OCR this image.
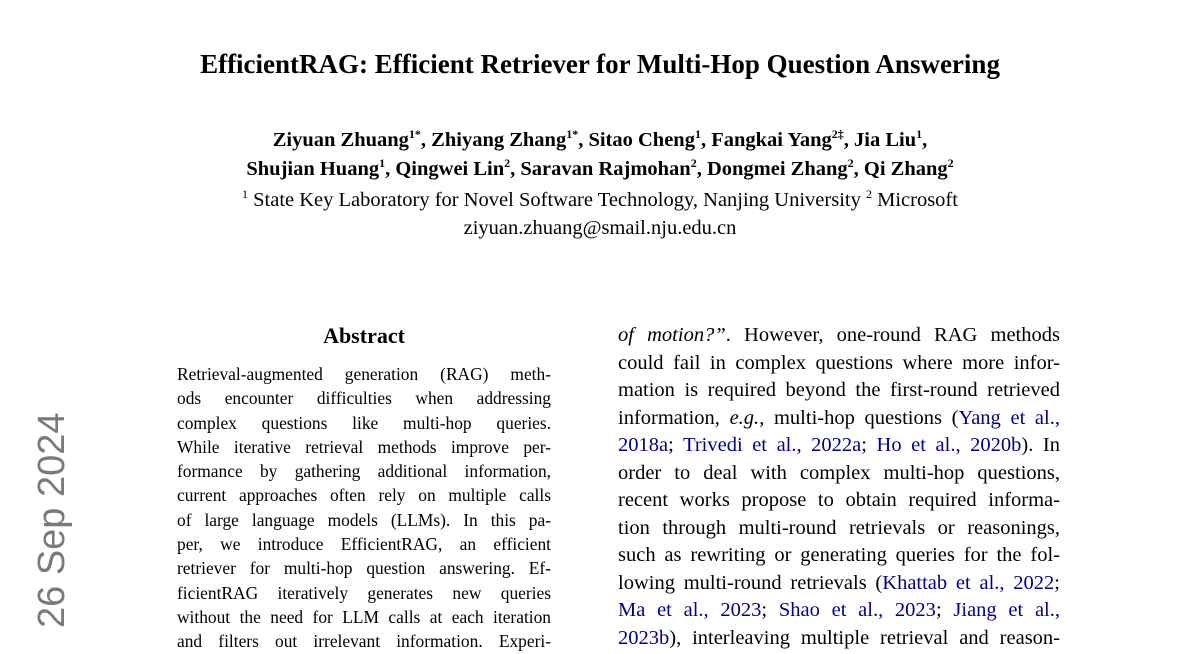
EfficientRAG: Efficient Retriever for Multi-Hop Question Answering
Ziyuan Zhuang$^{1*}$, Zhiyang Zhang$^{1*}$, Sitao Cheng$^1$, Fangkai Yang$^{2\ddagger}$, Jia Liu$^1$,
Shujian Huang$^1$, Qingwei Lin$^2$, Saravan Rajmohan$^2$, Dongmei Zhang$^2$, Qi Zhang$^2$
$^1$ State Key Laboratory for Novel Software Technology, Nanjing University $^2$ Microsoft
ziyuan.zhuang@smail.nju.edu.cn
26 Sep 2024
Abstract
Retrieval-augmented generation (RAG) meth-
ods encounter difficulties when addressing
complex questions like multi-hop queries.
While iterative retrieval methods improve per-
formance by gathering additional information,
current approaches often rely on multiple calls
of large language models (LLMs). In this pa-
per, we introduce EfficientRAG, an efficient
retriever for multi-hop question answering. Ef-
ficientRAG iteratively generates new queries
without the need for LLM calls at each iteration
and filters out irrelevant information. Experi-
of motion?”. However, one-round RAG methods
could fail in complex questions where more infor-
mation is required beyond the first-round retrieved
information, e.g., multi-hop questions (Yang et al.,
2018a; Trivedi et al., 2022a; Ho et al., 2020b). In
order to deal with complex multi-hop questions,
recent works propose to obtain required informa-
tion through multi-round retrievals or reasonings,
such as rewriting or generating queries for the fol-
lowing multi-round retrievals (Khattab et al., 2022;
Ma et al., 2023; Shao et al., 2023; Jiang et al.,
2023b), interleaving multiple retrieval and reason-
